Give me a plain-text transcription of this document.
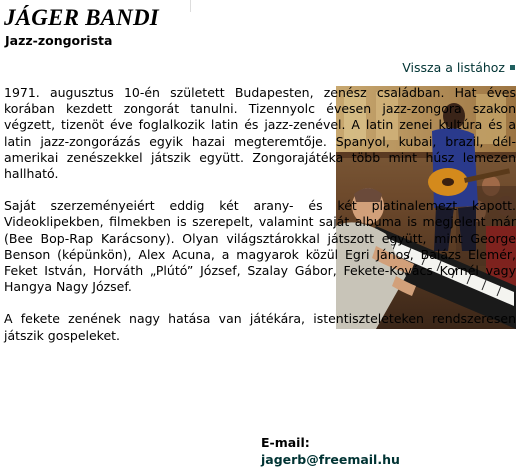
JÁGER BANDI
Jazz-zongorista
Vissza a listához

1971. augusztus 10-én született Budapesten, zenész családban. Hat éves korában kezdett zongorát tanulni. Tizennyolc évesen jazz-zongora szakon végzett, tizenöt éve foglalkozik latin és jazz-zenével. A latin zenei kultúra és a latin jazz-zongorázás egyik hazai megteremtője. Spanyol, kubai, brazil, dél-amerikai zenészekkel játszik együtt. Zongorajátéka több mint húsz lemezen hallható.

Saját szerzeményeiért eddig két arany- és két platinalemezt kapott. Videoklipekben, filmekben is szerepelt, valamint saját albuma is megjelent már (Bee Bop-Rap Karácsony). Olyan világsztárokkal játszott együtt, mint George Benson (képünkön), Alex Acuna, a magyarok közül Egri János, Balázs Elemér, Feket István, Horváth „Plútó” József, Szalay Gábor, Fekete-Kovács Kornél vagy Hangya Nagy József.

A fekete zenének nagy hatása van játékára, istentiszteleteken rendszeresen játszik gospeleket.

E-mail:
jagerb@freemail.hu
